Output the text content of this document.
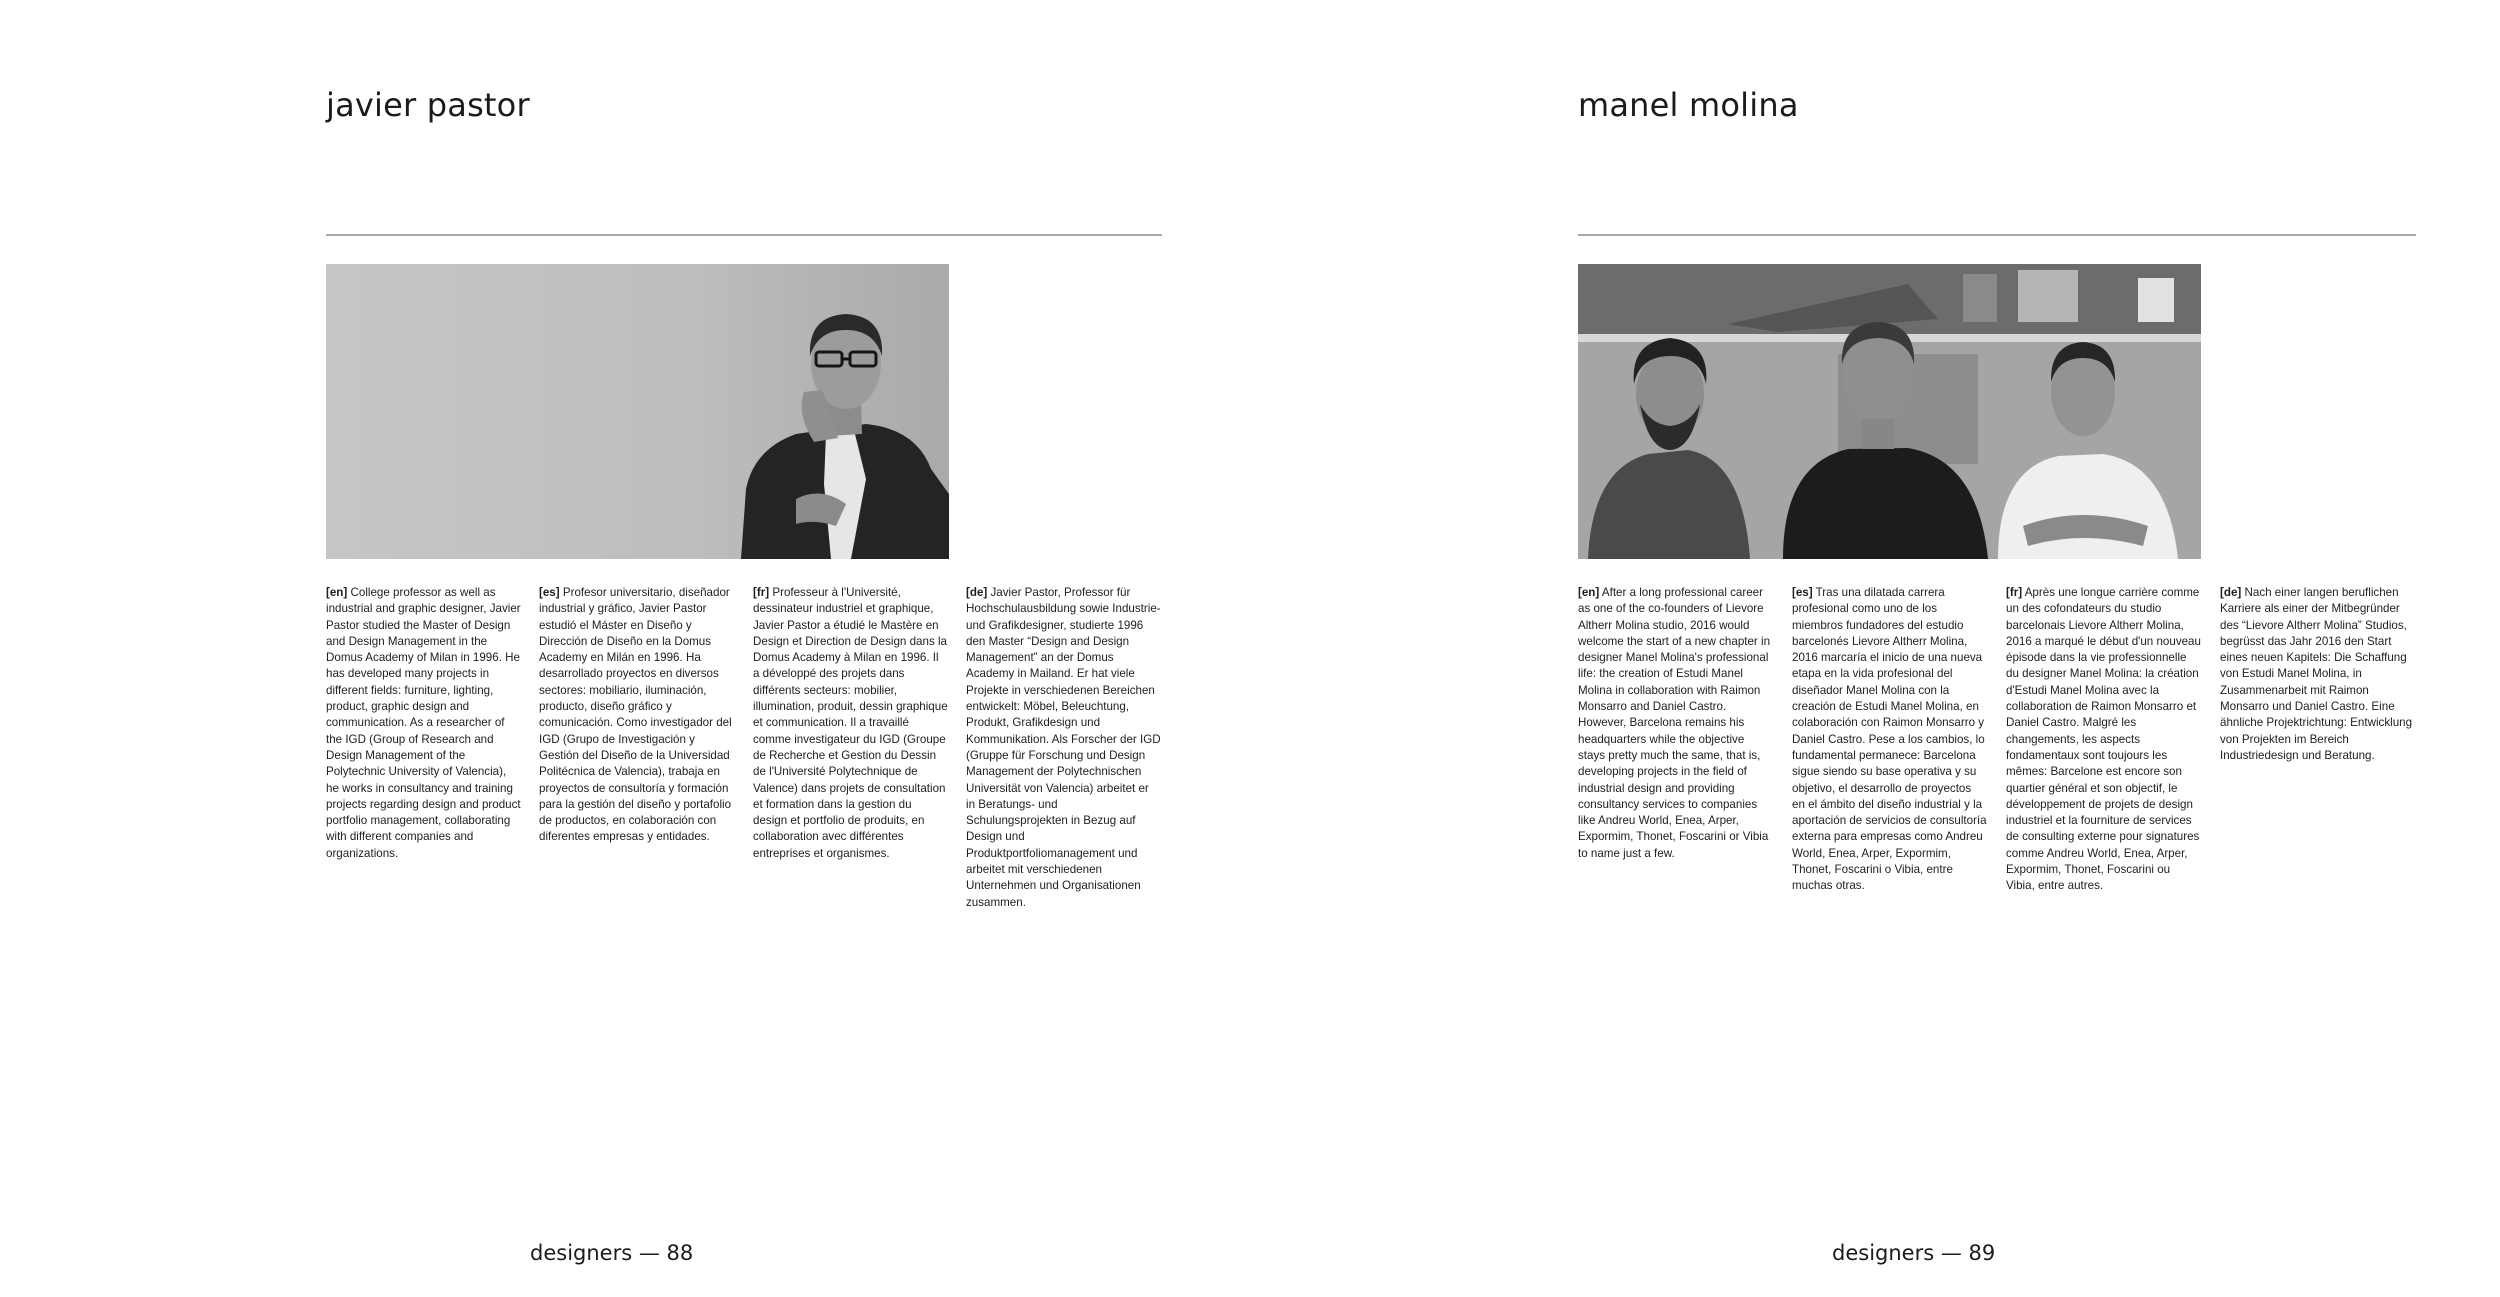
javier pastor
[en] College professor as well as industrial and graphic designer, Javier Pastor studied the Master of Design and Design Management in the Domus Academy of Milan in 1996. He has developed many projects in different fields: furniture, lighting, product, graphic design and communication. As a researcher of the IGD (Group of Research and Design Management of the Polytechnic University of Valencia), he works in consultancy and training projects regarding design and product portfolio management, collaborating with different companies and organizations.
[es] Profesor universitario, diseñador industrial y gráfico, Javier Pastor estudió el Máster en Diseño y Dirección de Diseño en la Domus Academy en Milán en 1996. Ha desarrollado proyectos en diversos sectores: mobiliario, iluminación, producto, diseño gráfico y comunicación. Como investigador del IGD (Grupo de Investigación y Gestión del Diseño de la Universidad Politécnica de Valencia), trabaja en proyectos de consultoría y formación para la gestión del diseño y portafolio de productos, en colaboración con diferentes empresas y entidades.
[fr] Professeur à l'Université, dessinateur industriel et graphique, Javier Pastor a étudié le Mastère en Design et Direction de Design dans la Domus Academy à Milan en 1996. Il a développé des projets dans différents secteurs: mobilier, illumination, produit, dessin graphique et communication. Il a travaillé comme investigateur du IGD (Groupe de Recherche et Gestion du Dessin de l'Université Polytechnique de Valence) dans projets de consultation et formation dans la gestion du design et portfolio de produits, en collaboration avec différentes entreprises et organismes.
[de] Javier Pastor, Professor für Hochschulausbildung sowie Industrie- und Grafikdesigner, studierte 1996 den Master “Design and Design Management” an der Domus Academy in Mailand. Er hat viele Projekte in verschiedenen Bereichen entwickelt: Möbel, Beleuchtung, Produkt, Grafikdesign und Kommunikation. Als Forscher der IGD (Gruppe für Forschung und Design Management der Polytechnischen Universität von Valencia) arbeitet er in Beratungs- und Schulungsprojekten in Bezug auf Design und Produktportfoliomanagement und arbeitet mit verschiedenen Unternehmen und Organisationen zusammen.
designers — 88
manel molina
[en] After a long professional career as one of the co-founders of Lievore Altherr Molina studio, 2016 would welcome the start of a new chapter in designer Manel Molina's professional life: the creation of Estudi Manel Molina in collaboration with Raimon Monsarro and Daniel Castro. However, Barcelona remains his headquarters while the objective stays pretty much the same, that is, developing projects in the field of industrial design and providing consultancy services to companies like Andreu World, Enea, Arper, Expormim, Thonet, Foscarini or Vibia to name just a few.
[es] Tras una dilatada carrera profesional como uno de los miembros fundadores del estudio barcelonés Lievore Altherr Molina, 2016 marcaría el inicio de una nueva etapa en la vida profesional del diseñador Manel Molina con la creación de Estudi Manel Molina, en colaboración con Raimon Monsarro y Daniel Castro. Pese a los cambios, lo fundamental permanece: Barcelona sigue siendo su base operativa y su objetivo, el desarrollo de proyectos en el ámbito del diseño industrial y la aportación de servicios de consultoría externa para empresas como Andreu World, Enea, Arper, Expormim, Thonet, Foscarini o Vibia, entre muchas otras.
[fr] Après une longue carrière comme un des cofondateurs du studio barcelonais Lievore Altherr Molina, 2016 a marqué le début d'un nouveau épisode dans la vie professionnelle du designer Manel Molina: la création d'Estudi Manel Molina avec la collaboration de Raimon Monsarro et Daniel Castro. Malgré les changements, les aspects fondamentaux sont toujours les mêmes: Barcelone est encore son quartier général et son objectif, le développement de projets de design industriel et la fourniture de services de consulting externe pour signatures comme Andreu World, Enea, Arper, Expormim, Thonet, Foscarini ou Vibia, entre autres.
[de] Nach einer langen beruflichen Karriere als einer der Mitbegründer des “Lievore Altherr Molina” Studios, begrüsst das Jahr 2016 den Start eines neuen Kapitels: Die Schaffung von Estudi Manel Molina, in Zusammenarbeit mit Raimon Monsarro und Daniel Castro. Eine ähnliche Projektrichtung: Entwicklung von Projekten im Bereich Industriedesign und Beratung.
designers — 89
